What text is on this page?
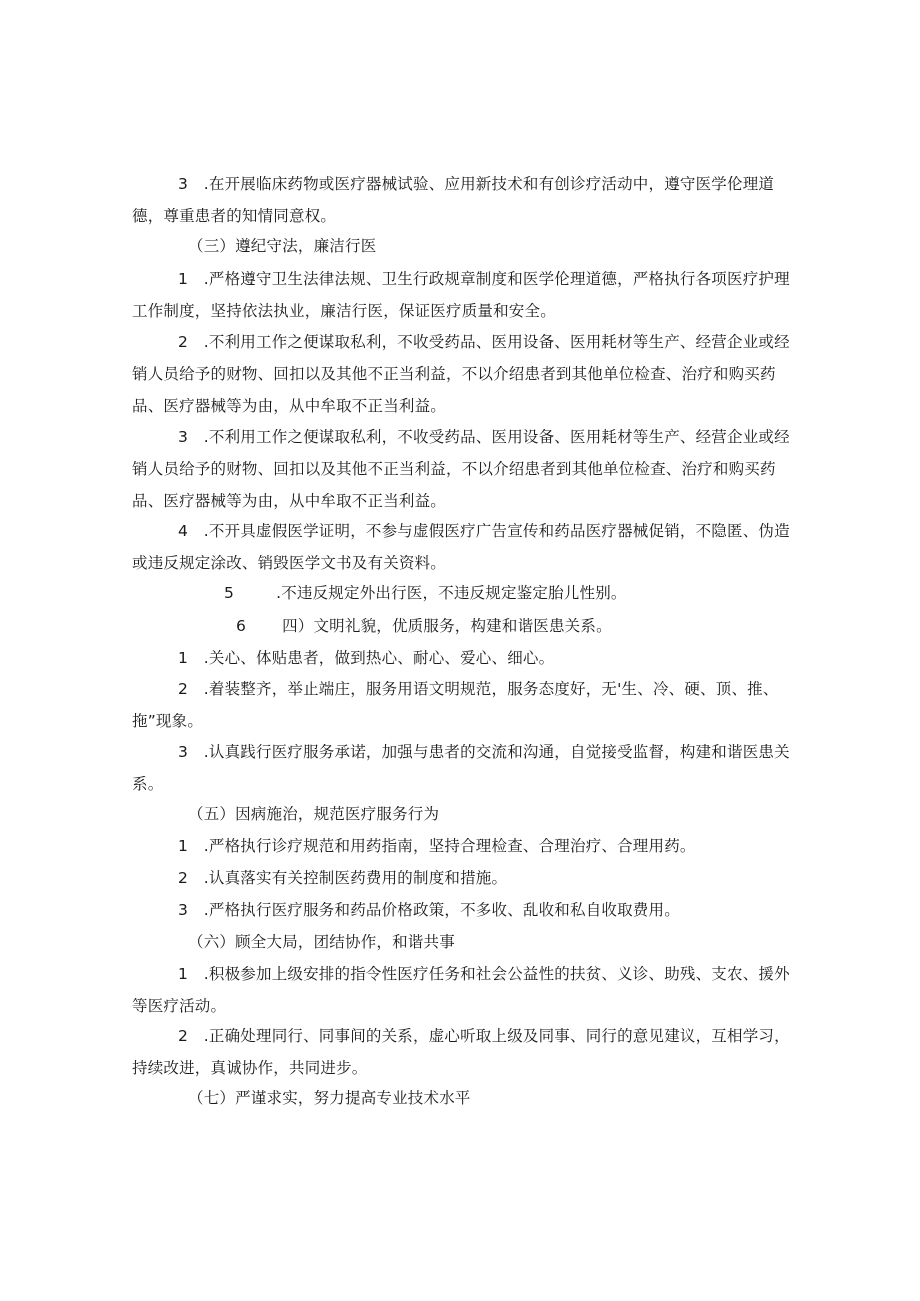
3　.在开展临床药物或医疗器械试验、应用新技术和有创诊疗活动中，遵守医学伦理道德，尊重患者的知情同意权。

（三）遵纪守法，廉洁行医

1　.严格遵守卫生法律法规、卫生行政规章制度和医学伦理道德，严格执行各项医疗护理工作制度，坚持依法执业，廉洁行医，保证医疗质量和安全。

2　.不利用工作之便谋取私利，不收受药品、医用设备、医用耗材等生产、经营企业或经销人员给予的财物、回扣以及其他不正当利益，不以介绍患者到其他单位检查、治疗和购买药品、医疗器械等为由，从中牟取不正当利益。

3　.不利用工作之便谋取私利，不收受药品、医用设备、医用耗材等生产、经营企业或经销人员给予的财物、回扣以及其他不正当利益，不以介绍患者到其他单位检查、治疗和购买药品、医疗器械等为由，从中牟取不正当利益。

4　.不开具虚假医学证明，不参与虚假医疗广告宣传和药品医疗器械促销，不隐匿、伪造或违反规定涂改、销毁医学文书及有关资料。

5	.不违反规定外出行医，不违反规定鉴定胎儿性别。

6 四）文明礼貌，优质服务，构建和谐医患关系。

1　.关心、体贴患者，做到热心、耐心、爱心、细心。

2　.着装整齐，举止端庄，服务用语文明规范，服务态度好，无'生、冷、硬、顶、推、拖”现象。

3　.认真践行医疗服务承诺，加强与患者的交流和沟通，自觉接受监督，构建和谐医患关系。

（五）因病施治，规范医疗服务行为

1　.严格执行诊疗规范和用药指南，坚持合理检查、合理治疗、合理用药。

2　.认真落实有关控制医药费用的制度和措施。

3　.严格执行医疗服务和药品价格政策，不多收、乱收和私自收取费用。

（六）顾全大局，团结协作，和谐共事

1　.积极参加上级安排的指令性医疗任务和社会公益性的扶贫、义诊、助残、支农、援外等医疗活动。

2　.正确处理同行、同事间的关系，虚心听取上级及同事、同行的意见建议，互相学习，持续改进，真诚协作，共同进步。

（七）严谨求实，努力提高专业技术水平
